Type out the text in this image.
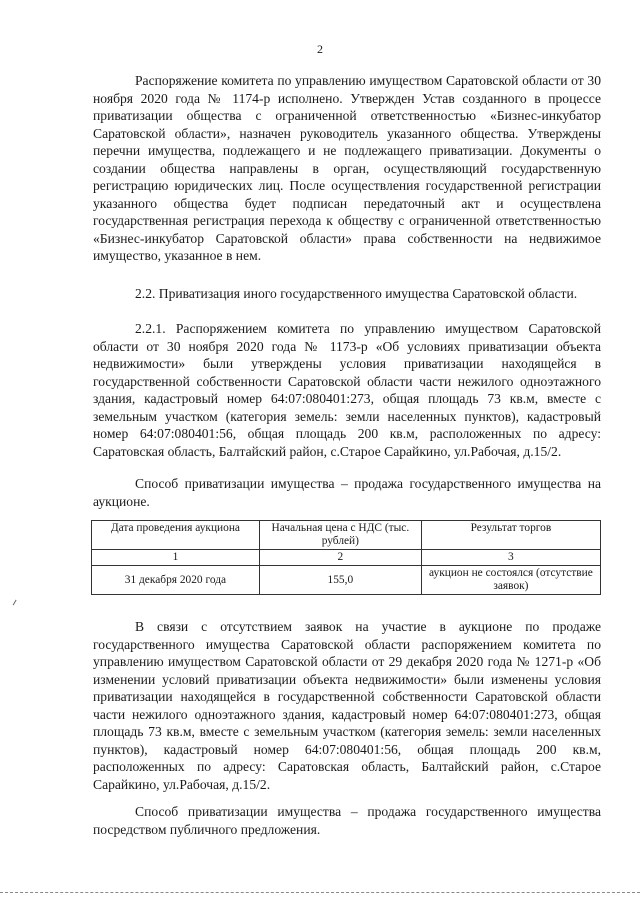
2

Распоряжение комитета по управлению имуществом Саратовской области от 30 ноября 2020 года № 1174-р исполнено. Утвержден Устав созданного в процессе приватизации общества с ограниченной ответственностью «Бизнес-инкубатор Саратовской области», назначен руководитель указанного общества. Утверждены перечни имущества, подлежащего и не подлежащего приватизации. Документы о создании общества направлены в орган, осуществляющий государственную регистрацию юридических лиц. После осуществления государственной регистрации указанного общества будет подписан передаточный акт и осуществлена государственная регистрация перехода к обществу с ограниченной ответственностью «Бизнес-инкубатор Саратовской области» права собственности на недвижимое имущество, указанное в нем.

2.2. Приватизация иного государственного имущества Саратовской области.

2.2.1. Распоряжением комитета по управлению имуществом Саратовской области от 30 ноября 2020 года № 1173-р «Об условиях приватизации объекта недвижимости» были утверждены условия приватизации находящейся в государственной собственности Саратовской области части нежилого одноэтажного здания, кадастровый номер 64:07:080401:273, общая площадь 73 кв.м, вместе с земельным участком (категория земель: земли населенных пунктов), кадастровый номер 64:07:080401:56, общая площадь 200 кв.м, расположенных по адресу: Саратовская область, Балтайский район, с.Старое Сарайкино, ул.Рабочая, д.15/2.

Способ приватизации имущества – продажа государственного имущества на аукционе.

Дата проведения аукциона	Начальная цена с НДС (тыс. рублей)	Результат торгов
1	2	3
31 декабря 2020 года	155,0	аукцион не состоялся (отсутствие заявок)

В связи с отсутствием заявок на участие в аукционе по продаже государственного имущества Саратовской области распоряжением комитета по управлению имуществом Саратовской области от 29 декабря 2020 года № 1271-р «Об изменении условий приватизации объекта недвижимости» были изменены условия приватизации находящейся в государственной собственности Саратовской области части нежилого одноэтажного здания, кадастровый номер 64:07:080401:273, общая площадь 73 кв.м, вместе с земельным участком (категория земель: земли населенных пунктов), кадастровый номер 64:07:080401:56, общая площадь 200 кв.м, расположенных по адресу: Саратовская область, Балтайский район, с.Старое Сарайкино, ул.Рабочая, д.15/2.

Способ приватизации имущества – продажа государственного имущества посредством публичного предложения.
